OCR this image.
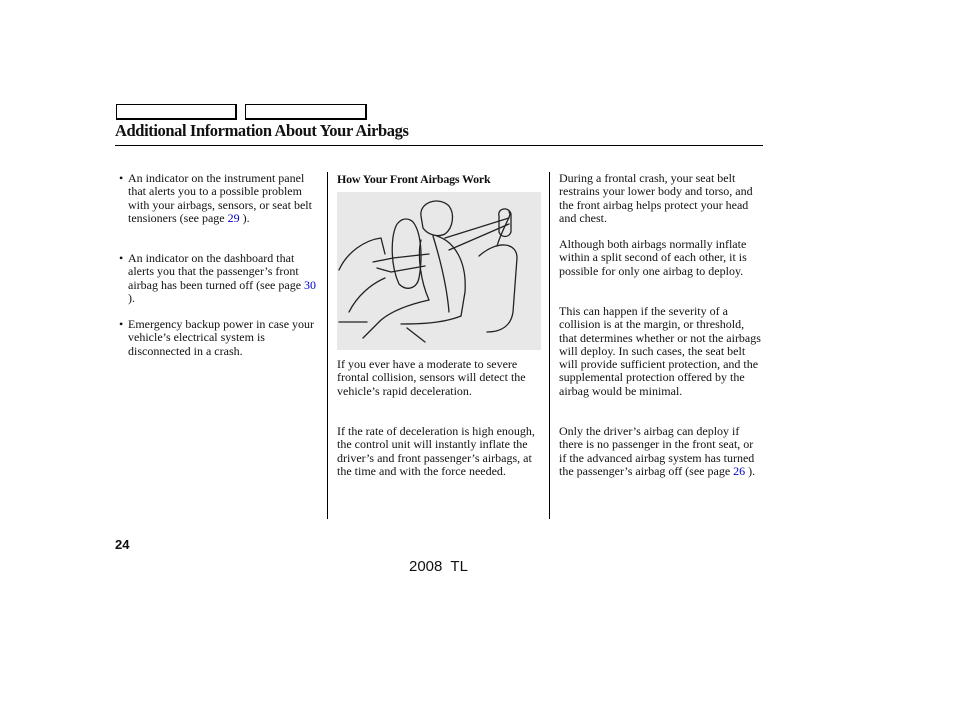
Additional Information About Your Airbags
• An indicator on the instrument panel that alerts you to a possible problem with your airbags, sensors, or seat belt tensioners (see page 29 ).
• An indicator on the dashboard that alerts you that the passenger’s front airbag has been turned off (see page 30 ).
• Emergency backup power in case your vehicle’s electrical system is disconnected in a crash.
How Your Front Airbags Work
If you ever have a moderate to severe frontal collision, sensors will detect the vehicle’s rapid deceleration.
If the rate of deceleration is high enough, the control unit will instantly inflate the driver’s and front passenger’s airbags, at the time and with the force needed.
During a frontal crash, your seat belt restrains your lower body and torso, and the front airbag helps protect your head and chest.
Although both airbags normally inflate within a split second of each other, it is possible for only one airbag to deploy.
This can happen if the severity of a collision is at the margin, or threshold, that determines whether or not the airbags will deploy. In such cases, the seat belt will provide sufficient protection, and the supplemental protection offered by the airbag would be minimal.
Only the driver’s airbag can deploy if there is no passenger in the front seat, or if the advanced airbag system has turned the passenger’s airbag off (see page 26 ).
24
2008  TL
